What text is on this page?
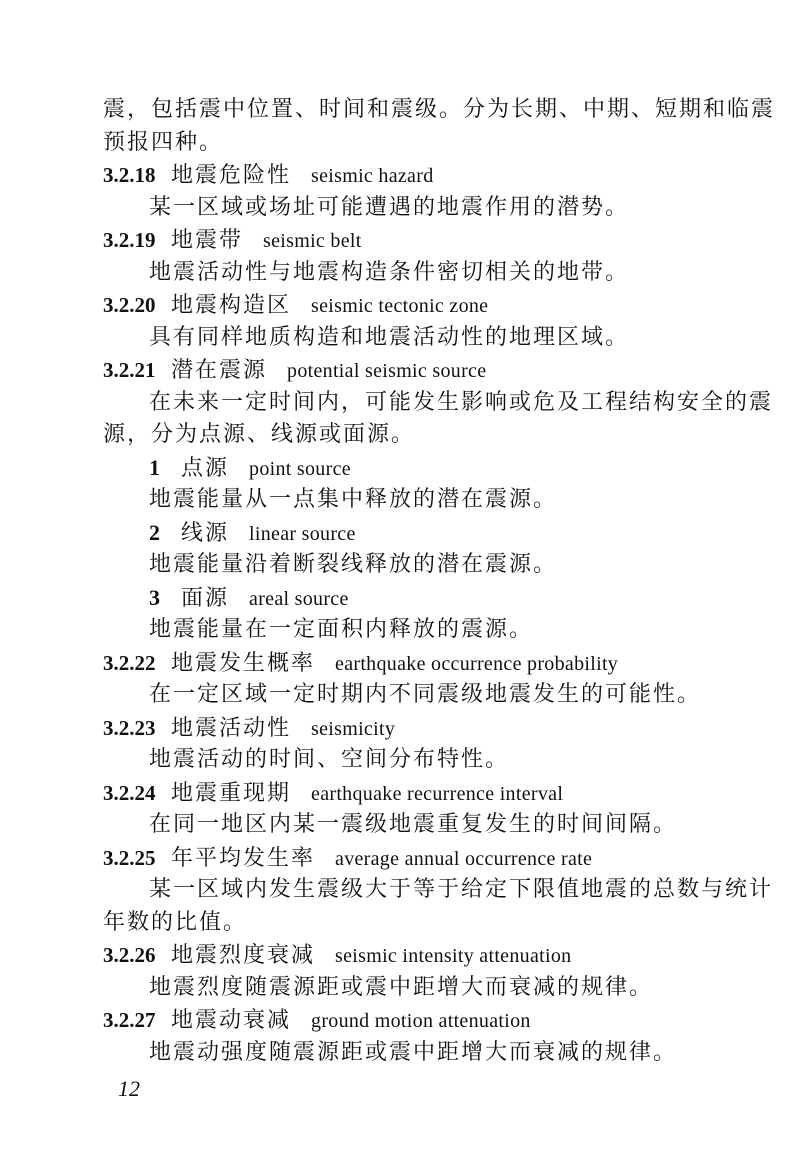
震，包括震中位置、时间和震级。分为长期、中期、短期和临震
预报四种。
3.2.18 地震危险性 seismic hazard
某一区域或场址可能遭遇的地震作用的潜势。
3.2.19 地震带 seismic belt
地震活动性与地震构造条件密切相关的地带。
3.2.20 地震构造区 seismic tectonic zone
具有同样地质构造和地震活动性的地理区域。
3.2.21 潜在震源 potential seismic source
在未来一定时间内，可能发生影响或危及工程结构安全的震
源，分为点源、线源或面源。
1 点源 point source
地震能量从一点集中释放的潜在震源。
2 线源 linear source
地震能量沿着断裂线释放的潜在震源。
3 面源 areal source
地震能量在一定面积内释放的震源。
3.2.22 地震发生概率 earthquake occurrence probability
在一定区域一定时期内不同震级地震发生的可能性。
3.2.23 地震活动性 seismicity
地震活动的时间、空间分布特性。
3.2.24 地震重现期 earthquake recurrence interval
在同一地区内某一震级地震重复发生的时间间隔。
3.2.25 年平均发生率 average annual occurrence rate
某一区域内发生震级大于等于给定下限值地震的总数与统计
年数的比值。
3.2.26 地震烈度衰减 seismic intensity attenuation
地震烈度随震源距或震中距增大而衰减的规律。
3.2.27 地震动衰减 ground motion attenuation
地震动强度随震源距或震中距增大而衰减的规律。
12
